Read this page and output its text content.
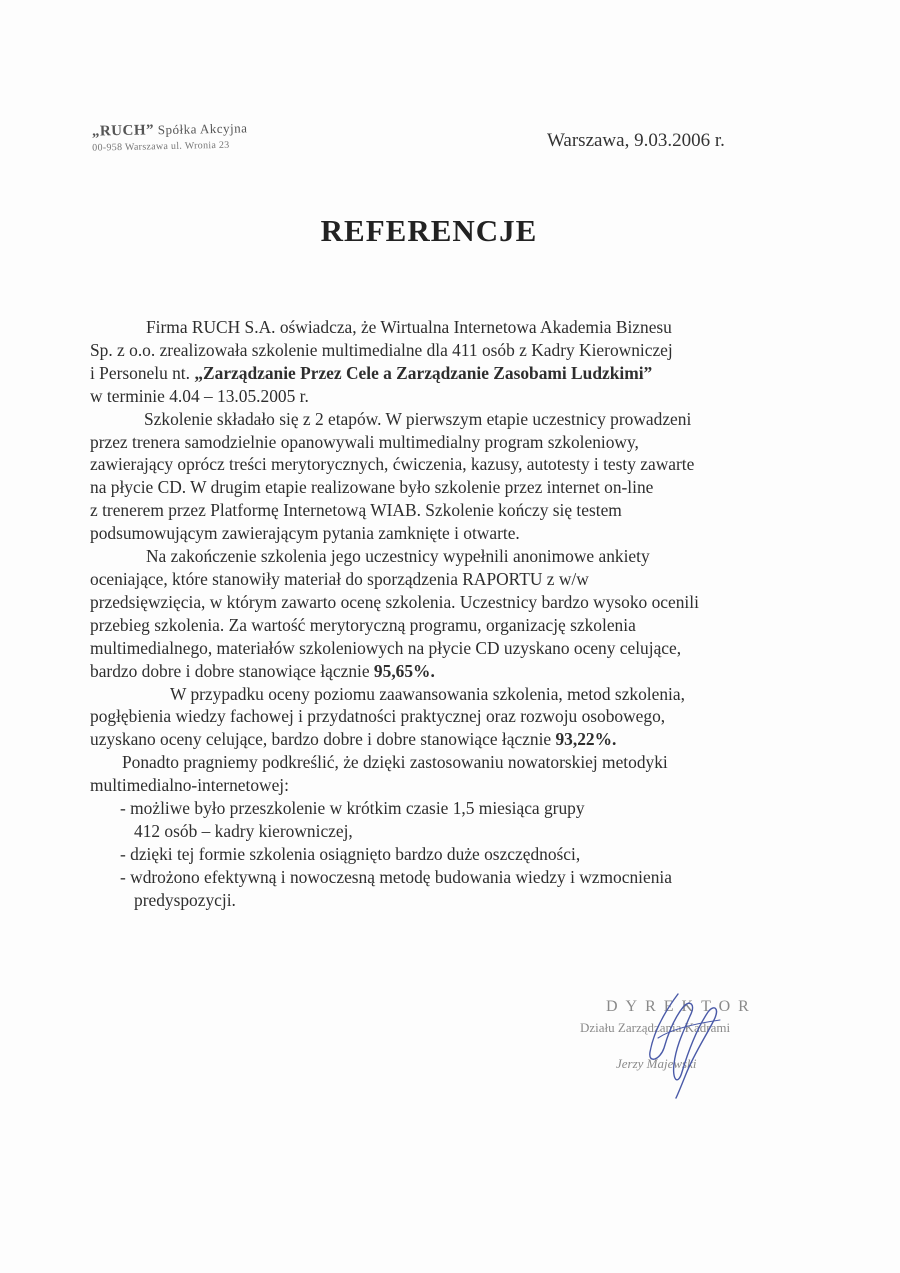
„RUCH” Spółka Akcyjna
00-958 Warszawa ul. Wronia 23	Warszawa, 9.03.2006 r.
REFERENCJE
Firma RUCH S.A. oświadcza, że Wirtualna Internetowa Akademia Biznesu
Sp. z o.o. zrealizowała szkolenie multimedialne dla 411 osób z Kadry Kierowniczej
i Personelu nt. „Zarządzanie Przez Cele a Zarządzanie Zasobami Ludzkimi”
w terminie 4.04 – 13.05.2005 r.
Szkolenie składało się z 2 etapów. W pierwszym etapie uczestnicy prowadzeni
przez trenera samodzielnie opanowywali multimedialny program szkoleniowy,
zawierający oprócz treści merytorycznych, ćwiczenia, kazusy, autotesty i testy zawarte
na płycie CD. W drugim etapie realizowane było szkolenie przez internet on-line
z trenerem przez Platformę Internetową WIAB. Szkolenie kończy się testem
podsumowującym zawierającym pytania zamknięte i otwarte.
Na zakończenie szkolenia jego uczestnicy wypełnili anonimowe ankiety
oceniające, które stanowiły materiał do sporządzenia RAPORTU z w/w
przedsięwzięcia, w którym zawarto ocenę szkolenia. Uczestnicy bardzo wysoko ocenili
przebieg szkolenia. Za wartość merytoryczną programu, organizację szkolenia
multimedialnego, materiałów szkoleniowych na płycie CD uzyskano oceny celujące,
bardzo dobre i dobre stanowiące łącznie 95,65%.
W przypadku oceny poziomu zaawansowania szkolenia, metod szkolenia,
pogłębienia wiedzy fachowej i przydatności praktycznej oraz rozwoju osobowego,
uzyskano oceny celujące, bardzo dobre i dobre stanowiące łącznie 93,22%.
Ponadto pragniemy podkreślić, że dzięki zastosowaniu nowatorskiej metodyki
multimedialno-internetowej:
- możliwe było przeszkolenie w krótkim czasie 1,5 miesiąca grupy
412 osób – kadry kierowniczej,
- dzięki tej formie szkolenia osiągnięto bardzo duże oszczędności,
- wdrożono efektywną i nowoczesną metodę budowania wiedzy i wzmocnienia
predyspozycji.
DYREKTOR
Działu Zarządzania Kadrami
Jerzy Majewski
